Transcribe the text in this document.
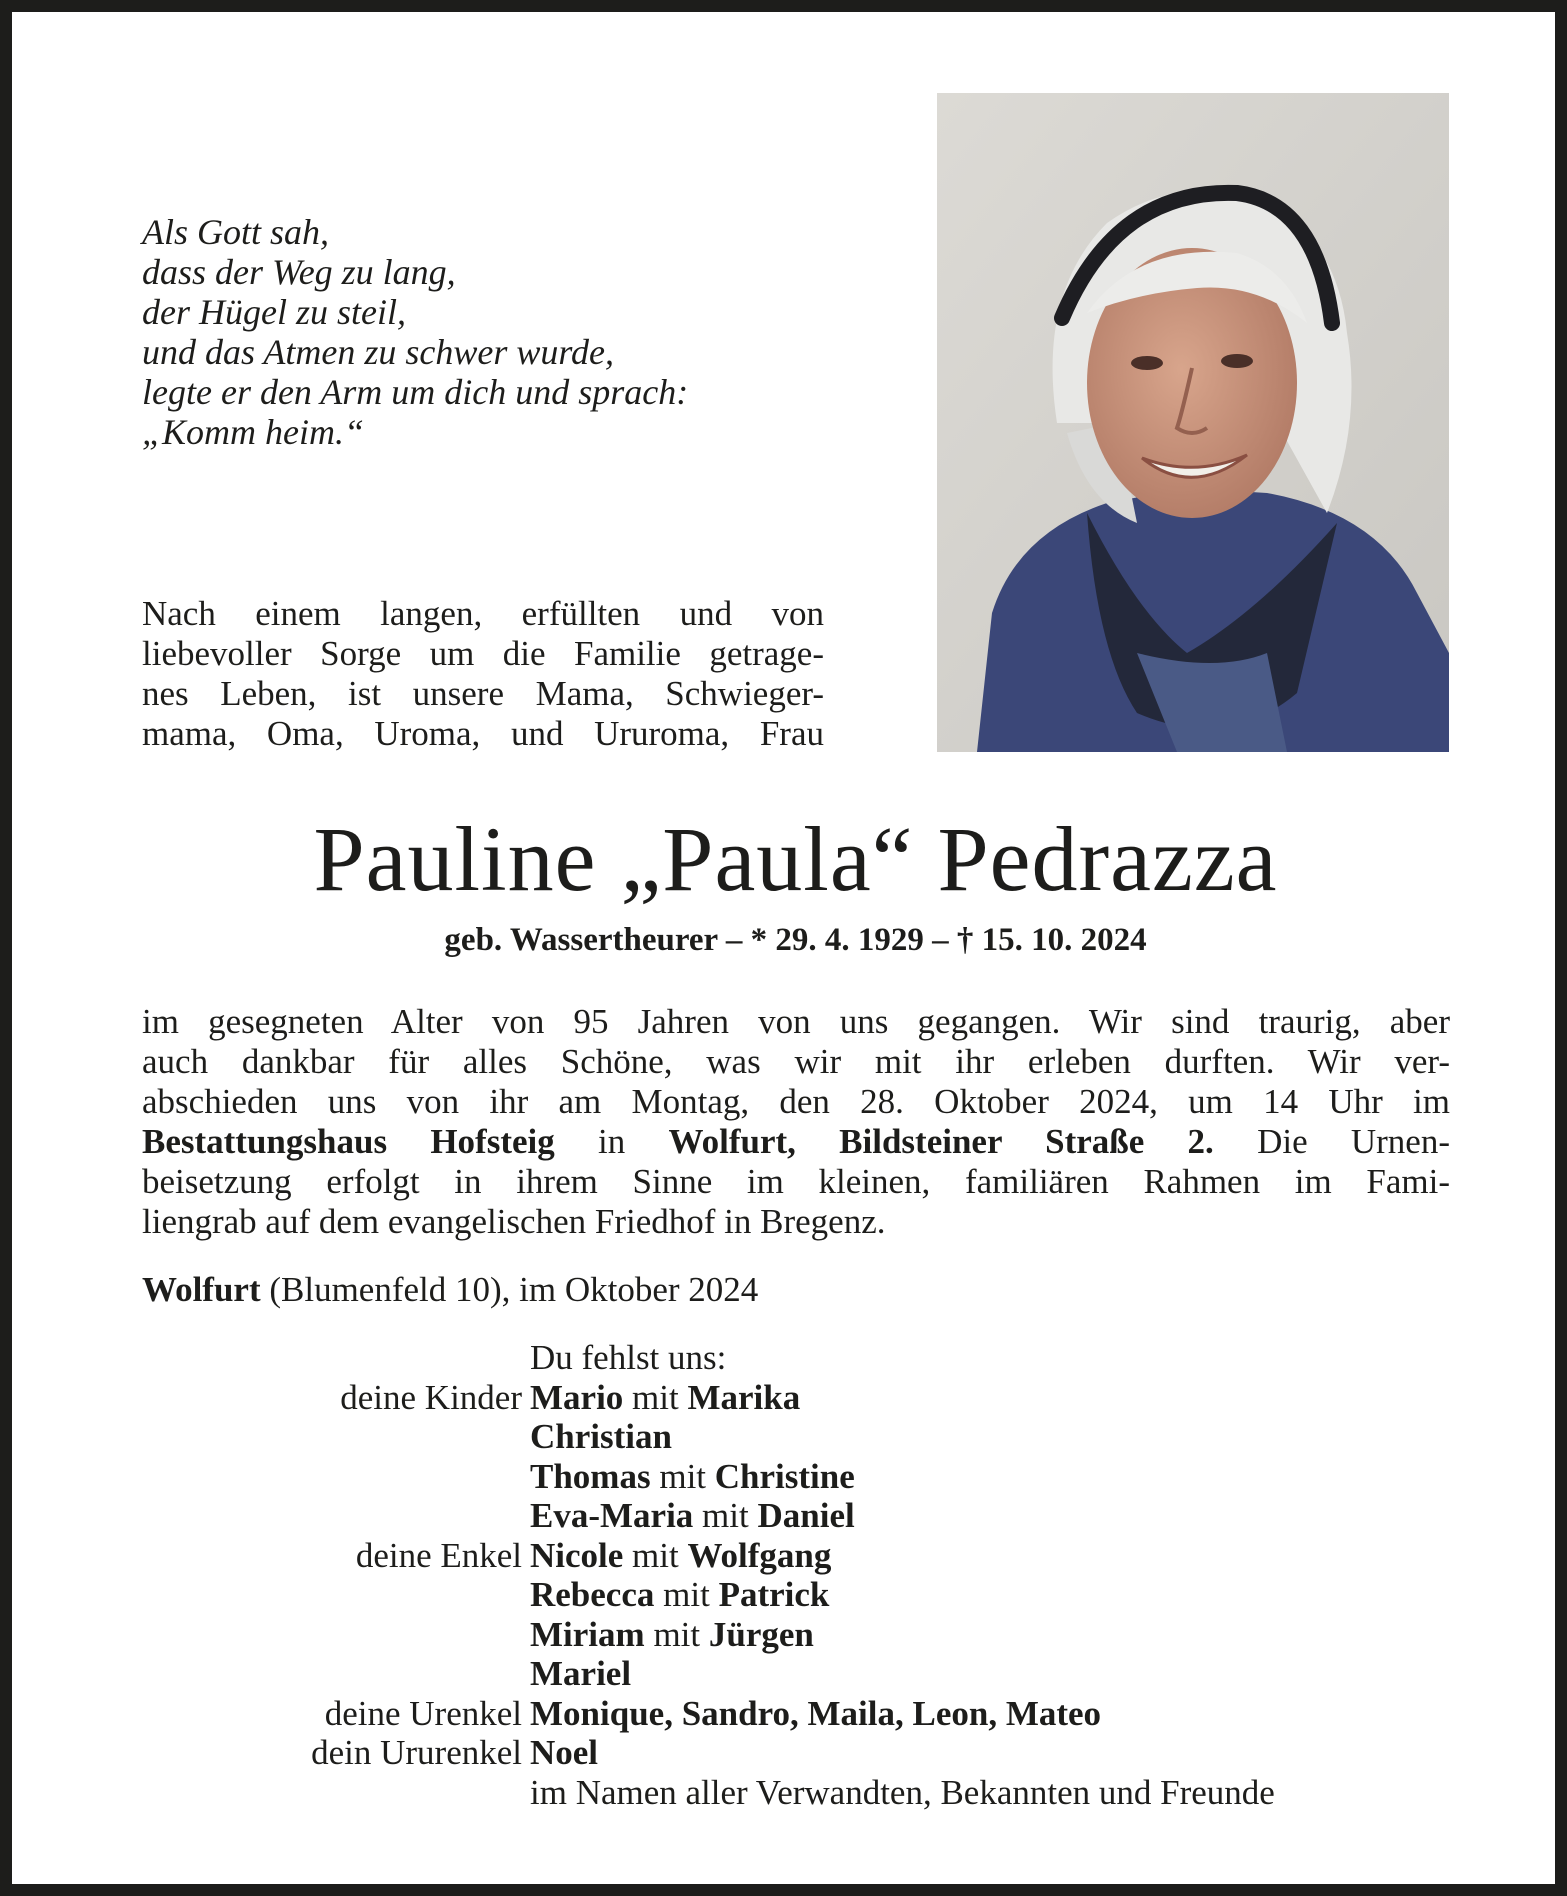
Als Gott sah,
dass der Weg zu lang,
der Hügel zu steil,
und das Atmen zu schwer wurde,
legte er den Arm um dich und sprach:
„Komm heim.“
Nach einem langen, erfüllten und von
liebevoller Sorge um die Familie getrage-
nes Leben, ist unsere Mama, Schwieger-
mama, Oma, Uroma, und Ururoma, Frau
Pauline „Paula“ Pedrazza
geb. Wassertheurer – * 29. 4. 1929 – † 15. 10. 2024
im gesegneten Alter von 95 Jahren von uns gegangen. Wir sind traurig, aber
auch dankbar für alles Schöne, was wir mit ihr erleben durften. Wir ver-
abschieden uns von ihr am Montag, den 28. Oktober 2024, um 14 Uhr im
Bestattungshaus Hofsteig in Wolfurt, Bildsteiner Straße 2. Die Urnen-
beisetzung erfolgt in ihrem Sinne im kleinen, familiären Rahmen im Fami-
liengrab auf dem evangelischen Friedhof in Bregenz.
Wolfurt (Blumenfeld 10), im Oktober 2024
Du fehlst uns:
deine Kinder Mario mit Marika
Christian
Thomas mit Christine
Eva-Maria mit Daniel
deine Enkel Nicole mit Wolfgang
Rebecca mit Patrick
Miriam mit Jürgen
Mariel
deine Urenkel Monique, Sandro, Maila, Leon, Mateo
dein Ururenkel Noel
im Namen aller Verwandten, Bekannten und Freunde
